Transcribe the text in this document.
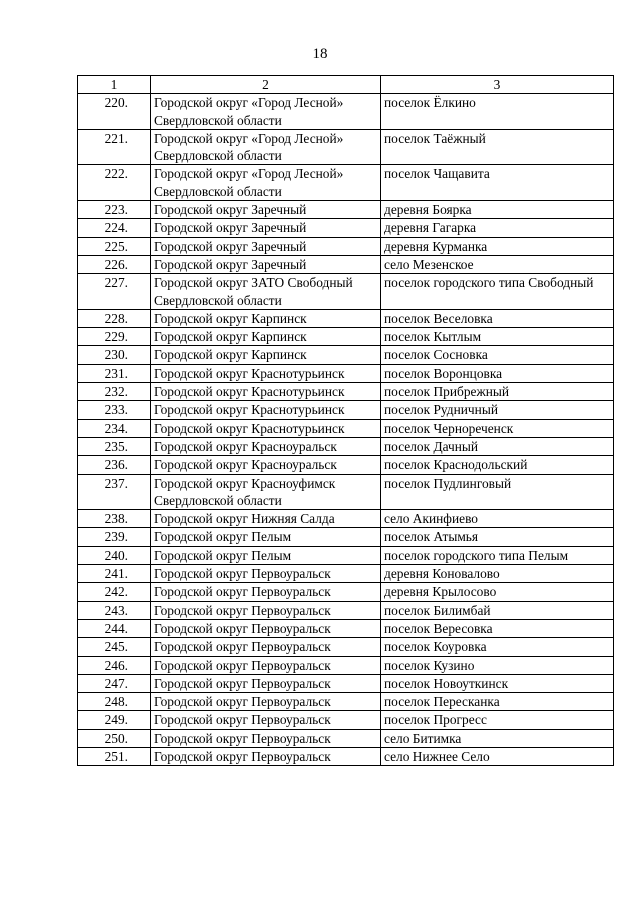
18
1	2	3
220.	Городской округ «Город Лесной» Свердловской области	поселок Ёлкино
221.	Городской округ «Город Лесной» Свердловской области	поселок Таёжный
222.	Городской округ «Город Лесной» Свердловской области	поселок Чащавита
223.	Городской округ Заречный	деревня Боярка
224.	Городской округ Заречный	деревня Гагарка
225.	Городской округ Заречный	деревня Курманка
226.	Городской округ Заречный	село Мезенское
227.	Городской округ ЗАТО Свободный Свердловской области	поселок городского типа Свободный
228.	Городской округ Карпинск	поселок Веселовка
229.	Городской округ Карпинск	поселок Кытлым
230.	Городской округ Карпинск	поселок Сосновка
231.	Городской округ Краснотурьинск	поселок Воронцовка
232.	Городской округ Краснотурьинск	поселок Прибрежный
233.	Городской округ Краснотурьинск	поселок Рудничный
234.	Городской округ Краснотурьинск	поселок Чернореченск
235.	Городской округ Красноуральск	поселок Дачный
236.	Городской округ Красноуральск	поселок Краснодольский
237.	Городской округ Красноуфимск Свердловской области	поселок Пудлинговый
238.	Городской округ Нижняя Салда	село Акинфиево
239.	Городской округ Пелым	поселок Атымья
240.	Городской округ Пелым	поселок городского типа Пелым
241.	Городской округ Первоуральск	деревня Коновалово
242.	Городской округ Первоуральск	деревня Крылосово
243.	Городской округ Первоуральск	поселок Билимбай
244.	Городской округ Первоуральск	поселок Вересовка
245.	Городской округ Первоуральск	поселок Коуровка
246.	Городской округ Первоуральск	поселок Кузино
247.	Городской округ Первоуральск	поселок Новоуткинск
248.	Городской округ Первоуральск	поселок Пересканка
249.	Городской округ Первоуральск	поселок Прогресс
250.	Городской округ Первоуральск	село Битимка
251.	Городской округ Первоуральск	село Нижнее Село
